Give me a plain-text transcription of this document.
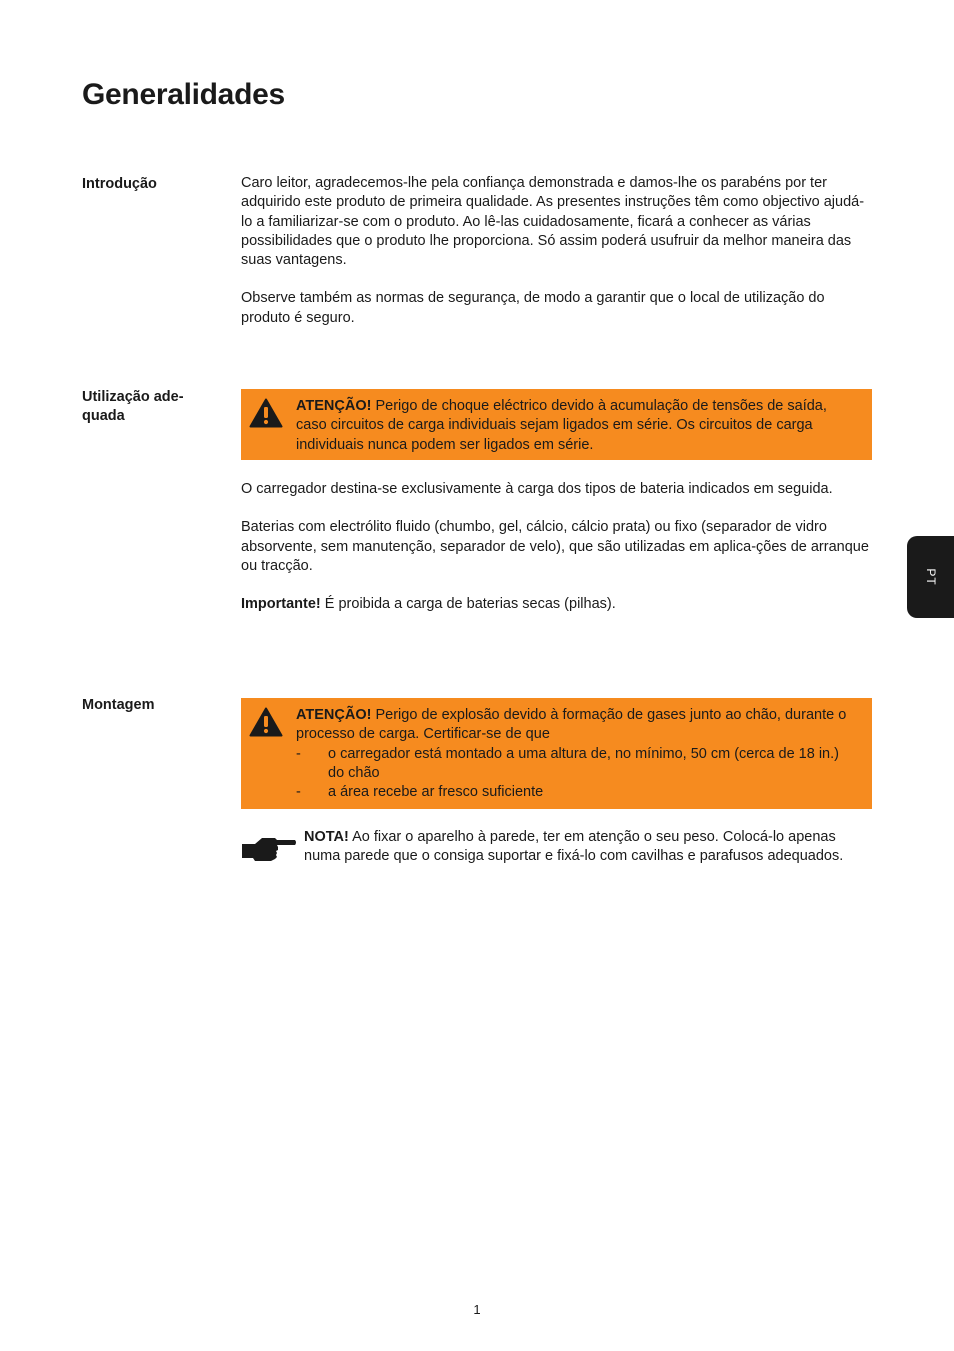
Generalidades
Introdução	Caro leitor, agradecemos-lhe pela confiança demonstrada e damos-lhe os parabéns por ter adquirido este produto de primeira qualidade. As presentes instruções têm como objectivo ajudá-lo a familiarizar-se com o produto. Ao lê-las cuidadosamente, ficará a conhecer as várias possibilidades que o produto lhe proporciona. Só assim poderá usufruir da melhor maneira das suas vantagens.

Observe também as normas de segurança, de modo a garantir que o local de utilização do produto é seguro.

Utilização ade-
quada
ATENÇÃO! Perigo de choque eléctrico devido à acumulação de tensões de saída, caso circuitos de carga individuais sejam ligados em série. Os circuitos de carga individuais nunca podem ser ligados em série.

O carregador destina-se exclusivamente à carga dos tipos de bateria indicados em seguida.

Baterias com electrólito fluido (chumbo, gel, cálcio, cálcio prata) ou fixo (separador de vidro absorvente, sem manutenção, separador de velo), que são utilizadas em aplica-ções de arranque ou tracção.

Importante! É proibida a carga de baterias secas (pilhas).

Montagem
ATENÇÃO! Perigo de explosão devido à formação de gases junto ao chão, durante o processo de carga. Certificar-se de que
- o carregador está montado a uma altura de, no mínimo, 50 cm (cerca de 18 in.) do chão
- a área recebe ar fresco suficiente
NOTA! Ao fixar o aparelho à parede, ter em atenção o seu peso. Colocá-lo apenas numa parede que o consiga suportar e fixá-lo com cavilhas e parafusos adequados.
PT
1
